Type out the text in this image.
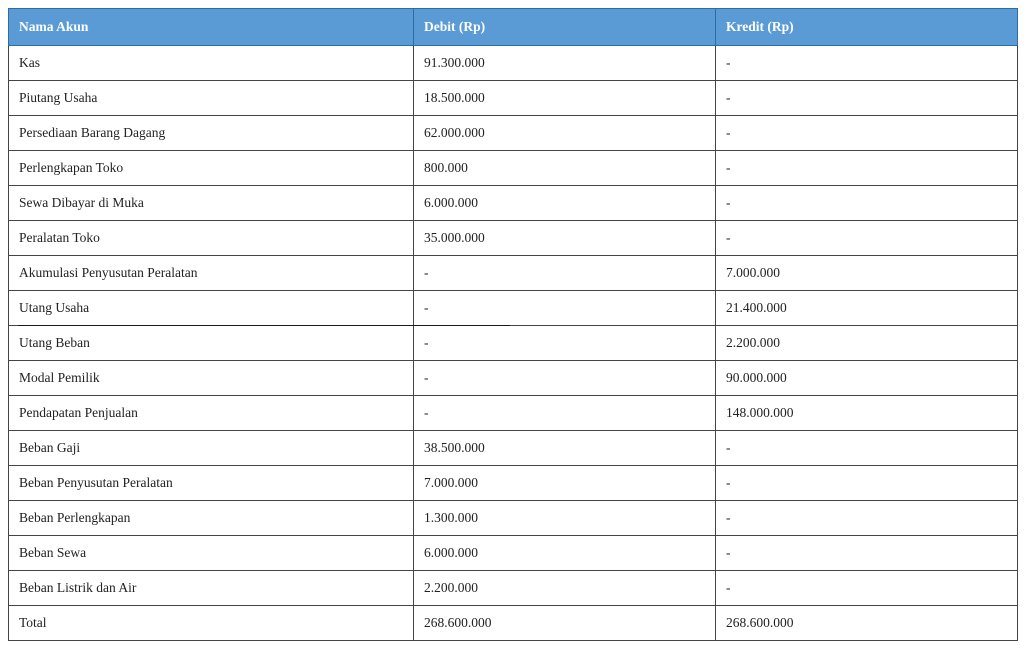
Nama Akun	Debit (Rp)	Kredit (Rp)
Kas	91.300.000	-
Piutang Usaha	18.500.000	-
Persediaan Barang Dagang	62.000.000	-
Perlengkapan Toko	800.000	-
Sewa Dibayar di Muka	6.000.000	-
Peralatan Toko	35.000.000	-
Akumulasi Penyusutan Peralatan	-	7.000.000
Utang Usaha	-	21.400.000
Utang Beban	-	2.200.000
Modal Pemilik	-	90.000.000
Pendapatan Penjualan	-	148.000.000
Beban Gaji	38.500.000	-
Beban Penyusutan Peralatan	7.000.000	-
Beban Perlengkapan	1.300.000	-
Beban Sewa	6.000.000	-
Beban Listrik dan Air	2.200.000	-
Total	268.600.000	268.600.000
